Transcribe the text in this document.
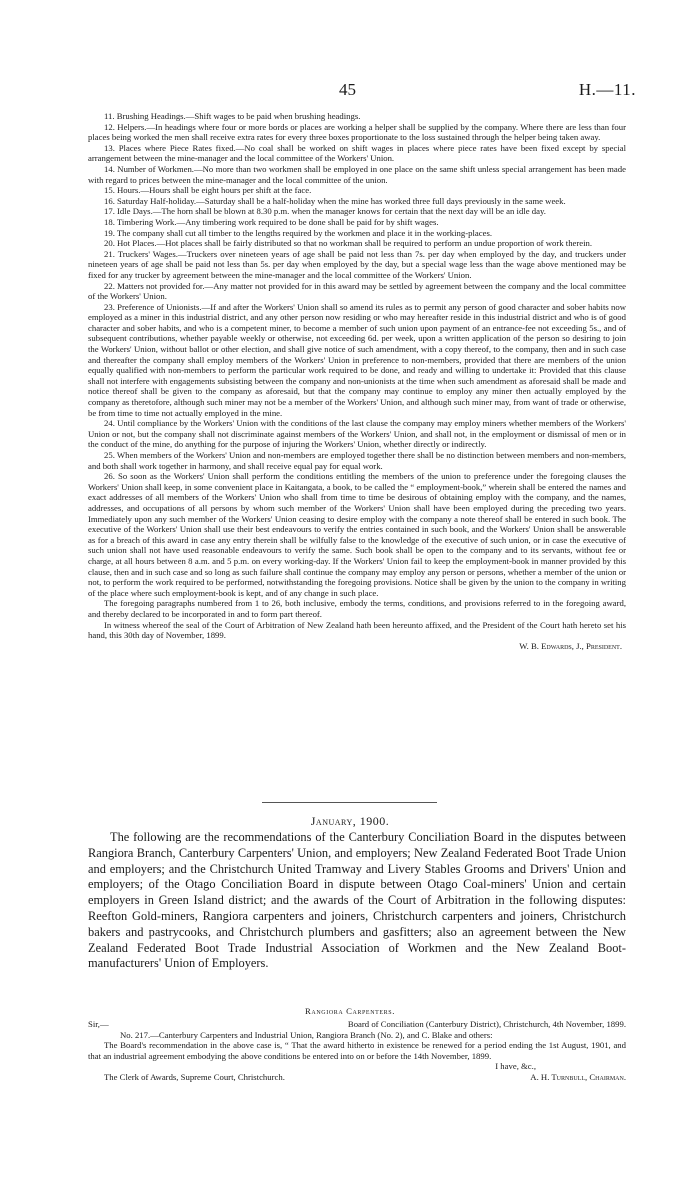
45	H.—11.

11. Brushing Headings.—Shift wages to be paid when brushing headings.

12. Helpers.—In headings where four or more bords or places are working a helper shall be supplied by the company. Where there are less than four places being worked the men shall receive extra rates for every three boxes proportionate to the loss sustained through the helper being taken away.

13. Places where Piece Rates fixed.—No coal shall be worked on shift wages in places where piece rates have been fixed except by special arrangement between the mine-manager and the local committee of the Workers' Union.

14. Number of Workmen.—No more than two workmen shall be employed in one place on the same shift unless special arrangement has been made with regard to prices between the mine-manager and the local committee of the union.

15. Hours.—Hours shall be eight hours per shift at the face.

16. Saturday Half-holiday.—Saturday shall be a half-holiday when the mine has worked three full days previously in the same week.

17. Idle Days.—The horn shall be blown at 8.30 p.m. when the manager knows for certain that the next day will be an idle day.

18. Timbering Work.—Any timbering work required to be done shall be paid for by shift wages.

19. The company shall cut all timber to the lengths required by the workmen and place it in the working-places.

20. Hot Places.—Hot places shall be fairly distributed so that no workman shall be required to perform an undue proportion of work therein.

21. Truckers' Wages.—Truckers over nineteen years of age shall be paid not less than 7s. per day when employed by the day, and truckers under nineteen years of age shall be paid not less than 5s. per day when employed by the day, but a special wage less than the wage above mentioned may be fixed for any trucker by agreement between the mine-manager and the local committee of the Workers' Union.

22. Matters not provided for.—Any matter not provided for in this award may be settled by agreement between the company and the local committee of the Workers' Union.

23. Preference of Unionists.—If and after the Workers' Union shall so amend its rules as to permit any person of good character and sober habits now employed as a miner in this industrial district, and any other person now residing or who may hereafter reside in this industrial district and who is of good character and sober habits, and who is a competent miner, to become a member of such union upon payment of an entrance-fee not exceeding 5s., and of subsequent contributions, whether payable weekly or otherwise, not exceeding 6d. per week, upon a written application of the person so desiring to join the Workers' Union, without ballot or other election, and shall give notice of such amendment, with a copy thereof, to the company, then and in such case and thereafter the company shall employ members of the Workers' Union in preference to non-members, provided that there are members of the union equally qualified with non-members to perform the particular work required to be done, and ready and willing to undertake it: Provided that this clause shall not interfere with engagements subsisting between the company and non-unionists at the time when such amendment as aforesaid shall be made and notice thereof shall be given to the company as aforesaid, but that the company may continue to employ any miner then actually employed by the company as theretofore, although such miner may not be a member of the Workers' Union, and although such miner may, from want of trade or otherwise, be from time to time not actually employed in the mine.

24. Until compliance by the Workers' Union with the conditions of the last clause the company may employ miners whether members of the Workers' Union or not, but the company shall not discriminate against members of the Workers' Union, and shall not, in the employment or dismissal of men or in the conduct of the mine, do anything for the purpose of injuring the Workers' Union, whether directly or indirectly.

25. When members of the Workers' Union and non-members are employed together there shall be no distinction between members and non-members, and both shall work together in harmony, and shall receive equal pay for equal work.

26. So soon as the Workers' Union shall perform the conditions entitling the members of the union to preference under the foregoing clauses the Workers' Union shall keep, in some convenient place in Kaitangata, a book, to be called the “ employment-book,” wherein shall be entered the names and exact addresses of all members of the Workers' Union who shall from time to time be desirous of obtaining employ with the company, and the names, addresses, and occupations of all persons by whom such member of the Workers' Union shall have been employed during the preceding two years. Immediately upon any such member of the Workers' Union ceasing to desire employ with the company a note thereof shall be entered in such book. The executive of the Workers' Union shall use their best endeavours to verify the entries contained in such book, and the Workers' Union shall be answerable as for a breach of this award in case any entry therein shall be wilfully false to the knowledge of the executive of such union, or in case the executive of such union shall not have used reasonable endeavours to verify the same. Such book shall be open to the company and to its servants, without fee or charge, at all hours between 8 a.m. and 5 p.m. on every working-day. If the Workers' Union fail to keep the employment-book in manner provided by this clause, then and in such case and so long as such failure shall continue the company may employ any person or persons, whether a member of the union or not, to perform the work required to be performed, notwithstanding the foregoing provisions. Notice shall be given by the union to the company in writing of the place where such employment-book is kept, and of any change in such place.

The foregoing paragraphs numbered from 1 to 26, both inclusive, embody the terms, conditions, and provisions referred to in the foregoing award, and thereby declared to be incorporated in and to form part thereof.

In witness whereof the seal of the Court of Arbitration of New Zealand hath been hereunto affixed, and the President of the Court hath hereto set his hand, this 30th day of November, 1899.

W. B. Edwards, J., President.

January, 1900.

The following are the recommendations of the Canterbury Conciliation Board in the disputes between Rangiora Branch, Canterbury Carpenters' Union, and employers; New Zealand Federated Boot Trade Union and employers; and the Christchurch United Tramway and Livery Stables Grooms and Drivers' Union and employers; of the Otago Conciliation Board in dispute between Otago Coal-miners' Union and certain employers in Green Island district; and the awards of the Court of Arbitration in the following disputes: Reefton Gold-miners, Rangiora carpenters and joiners, Christchurch carpenters and joiners, Christchurch bakers and pastrycooks, and Christchurch plumbers and gasfitters; also an agreement between the New Zealand Federated Boot Trade Industrial Association of Workmen and the New Zealand Boot-manufacturers' Union of Employers.

Rangiora Carpenters.
Sir,—	Board of Conciliation (Canterbury District), Christchurch, 4th November, 1899.

No. 217.—Canterbury Carpenters and Industrial Union, Rangiora Branch (No. 2), and C. Blake and others:

The Board's recommendation in the above case is, “ That the award hitherto in existence be renewed for a period ending the 1st August, 1901, and that an industrial agreement embodying the above conditions be entered into on or before the 14th November, 1899.

I have, &c.,
The Clerk of Awards, Supreme Court, Christchurch.	A. H. Turnbull, Chairman.
